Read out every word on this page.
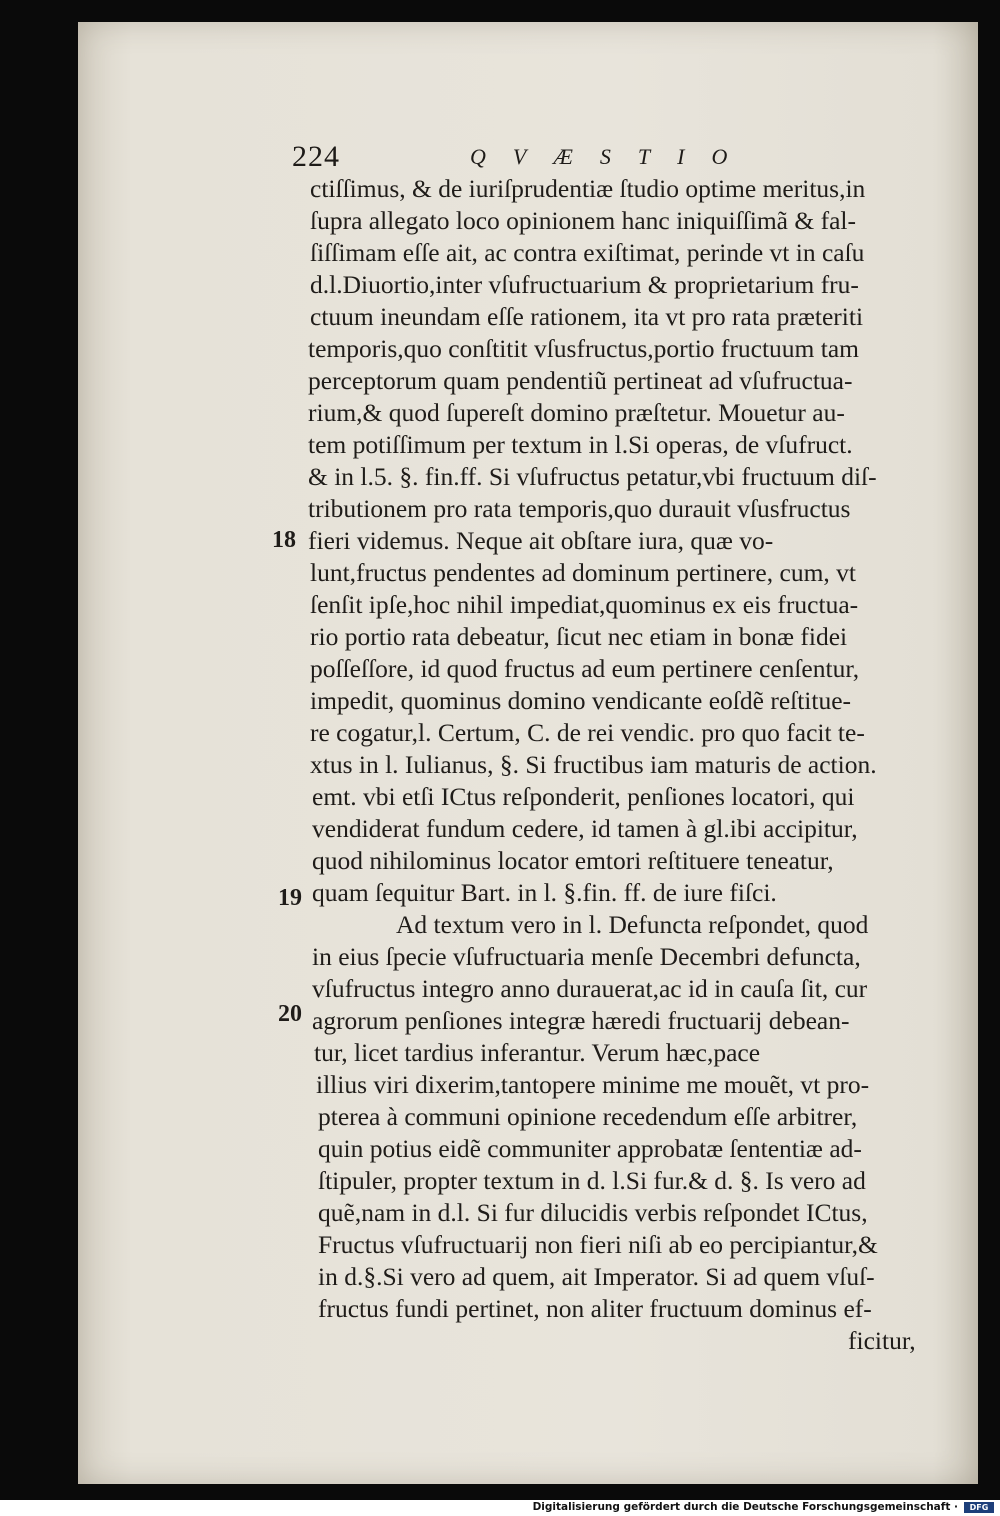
224	QVÆSTIO
ctiſſimus, & de iuriſprudentiæ ſtudio optime meritus,in
ſupra allegato loco opinionem hanc iniquiſſimã & fal-
ſiſſimam eſſe ait, ac contra exiſtimat, perinde vt in caſu
d.l.Diuortio,inter vſufructuarium & proprietarium fru-
ctuum ineundam eſſe rationem, ita vt pro rata præteriti
temporis,quo conſtitit vſusfructus,portio fructuum tam
perceptorum quam pendentiũ pertineat ad vſufructua-
rium,& quod ſupereſt domino præſtetur. Mouetur au-
tem potiſſimum per textum in l.Si operas, de vſufruct.
& in l.5. §. fin.ff. Si vſufructus petatur,vbi fructuum diſ-
tributionem pro rata temporis,quo durauit vſusfructus
fieri videmus. Neque ait obſtare iura, quæ vo-
lunt,fructus pendentes ad dominum pertinere, cum, vt
ſenſit ipſe,hoc nihil impediat,quominus ex eis fructua-
rio portio rata debeatur, ſicut nec etiam in bonæ fidei
poſſeſſore, id quod fructus ad eum pertinere cenſentur,
impedit, quominus domino vendicante eoſdẽ reſtitue-
re cogatur,l. Certum, C. de rei vendic. pro quo facit te-
xtus in l. Iulianus, §. Si fructibus iam maturis de action.
emt. vbi etſi ICtus reſponderit, penſiones locatori, qui
vendiderat fundum cedere, id tamen à gl.ibi accipitur,
quod nihilominus locator emtori reſtituere teneatur,
quam ſequitur Bart. in l. §.fin. ff. de iure fiſci.
Ad textum vero in l. Defuncta reſpondet, quod
in eius ſpecie vſufructuaria menſe Decembri defuncta,
vſufructus integro anno durauerat,ac id in cauſa ſit, cur
agrorum penſiones integræ hæredi fructuarij debean-
tur, licet tardius inferantur. Verum hæc,pace
illius viri dixerim,tantopere minime me mouẽt, vt pro-
pterea à communi opinione recedendum eſſe arbitrer,
quin potius eidẽ communiter approbatæ ſententiæ ad-
ſtipuler, propter textum in d. l.Si fur.& d. §. Is vero ad
quẽ,nam in d.l. Si fur dilucidis verbis reſpondet ICtus,
Fructus vſufructuarij non fieri niſi ab eo percipiantur,&
in d.§.Si vero ad quem, ait Imperator. Si ad quem vſuſ-
fructus fundi pertinet, non aliter fructuum dominus ef-
ficitur,
18
19
20
Digitalisierung gefördert durch die Deutsche Forschungsgemeinschaft ·	DFG
